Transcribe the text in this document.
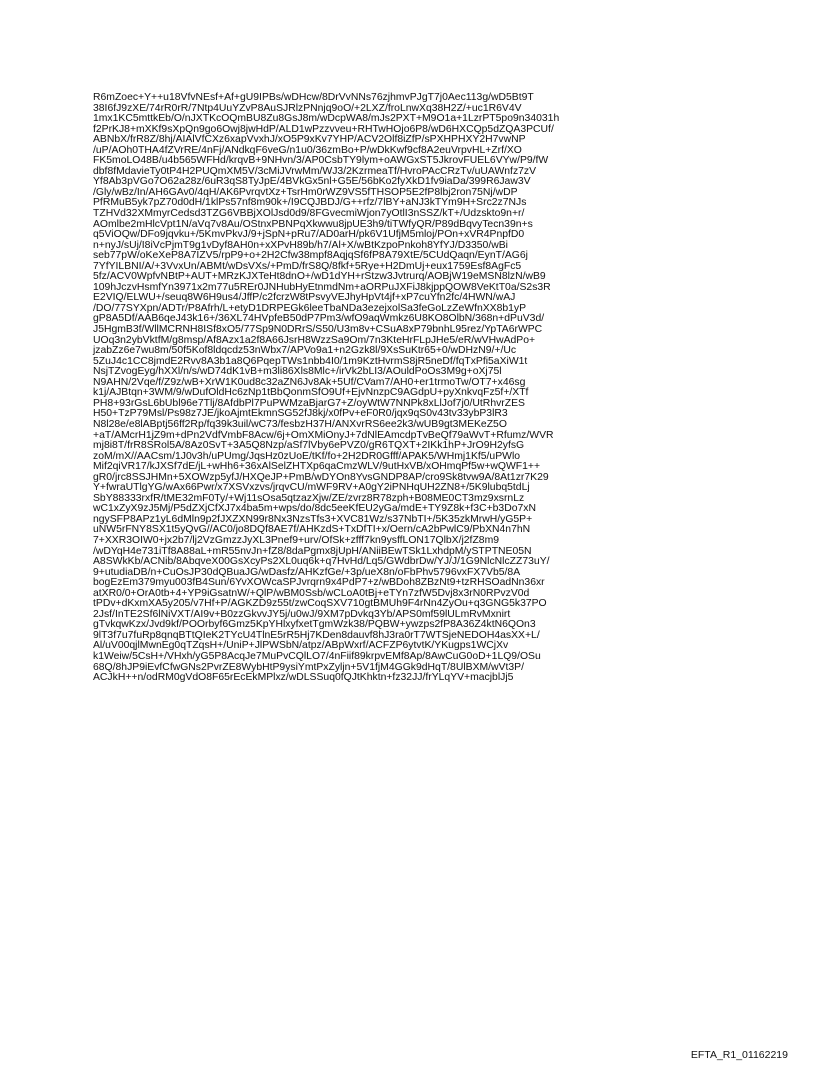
R6mZoec+Y++u18VfvNEsf+Af+gU9IPBs/wDHcw/8DrVvNNs76zjhmvPJgT7j0Aec113g/wD5Bt9T
38I6fJ9zXE/74rR0rR/7Ntp4UuYZvP8AuSJRlzPNnjq9oO/+2LXZ/froLnwXq38H2Z/+uc1R6V4V
1mx1KC5mttkEb/O/nJXTKcOQmBU8Zu8GsJ8m/wDcpWA8/mJs2PXT+M9O1a+1LzrPT5po9n34031h
f2PrKJ8+mXKf9sXpQn9go6Owj8jwHdP/ALD1wPzzvveu+RHTwHOjo6P8/wD6HXCQp5dZQA3PCUf/
ABNbX/frR8Z/8hj/AIAlVfCXz6xapVvxhJ/xO5P9xKv7YHP/ACV2Olf8iZfP/sPXHPHXY2H7vwNP
/uP/AOh0THA4fZVrRE/4nFj/ANdkqF6veG/n1u0/36zmBo+P/wDkKwf9cf8A2euVrpvHL+Zrf/XO
FK5moLO48B/u4b565WFHd/krqvB+9NHvn/3/AP0CsbTY9lym+oAWGxST5JkrovFUEL6VYw/P9/fW
dbf8fMdavieTy0tP4H2PUQmXM5V/3cMiJVrwMm/WJ3/2KzrmeaTf/HvroPAcCRzTv/uUAWnfz7zV
Yf8Ab3pVGo7O62a28z/6uR3qS8TyJpE/4BVkGx5nl+G5E/56bKo2fyXkD1fv9iaDa/399R6Jaw3V
/Gly/wBz/In/AH6GAv0/4qH/AK6PvrqvtXz+TsrHm0rWZ9VS5fTHSOP5E2fP8lbj2ron75Nj/wDP
PfRMuB5yk7pZ70d0dH/1klPs57nf8m90k+/I9CQJBDJ/G++rfz/7lBY+aNJ3kTYm9H+Src2z7NJs
TZHVd32XMmyrCedsd3TZG6VBBjXOlJsd0d9/8FGvecmiWjon7yOtlI3nSSZ/kT+/Udzskto9n+r/
AOmlbe2mHlcVpt1N/aVq7v8Au/OStnxPBNPqXkwwu8jpUE3h9/tiTWfyQR/P89dBqvyTecn39n+s
q5ViOQw/DFo9jqvku+/5KmvPkvJ/9+jSpN+pRu7/AD0arH/pk6V1UfjM5mloj/POn+xVR4PnpfD0
n+nyJ/sUj/I8iVcPjmT9g1vDyf8AH0n+xXPvH89b/h7/Al+X/wBtKzpoPnkoh8YfYJ/D3350/wBi
seb77pW/oKeXeP8A7IZV5/rpP9+o+2H2Cfw38mpf8AqjqSf6fP8A79XtE/5CUdQaqn/EynT/AG6j
7YfYILBNI/A/+3VvxUn/ABMt/wDsVXs/+PmD/frS8Q/8fkf+5Rye+H2DmUj+eux1759Esf8AgFc5
5fz/ACV0WpfvNBtP+AUT+MRzKJXTeHt8dnO+/wD1dYH+rStzw3Jvtrurq/AOBjW19eMSN8lzN/wB9
109hJczvHsmfYn3971x2m77u5REr0JNHubHyEtnmdNm+aORPuJXFiJ8kjppQOW8VeKtT0a/S2s3R
E2VIQ/ELWU+/seuq8W6H9us4/JffP/c2fcrzW8tPsvyVEJhyHpVt4jf+xP7cuYfn2fc/4HWN/wAJ
/DO/77SYXpn/ADTr/P8Afrh/L+etyD1DRPEGk6leeTbaNDa3ezejxolSa3feGoLzZeWfnXX8b1yP
gP8A5Df/AAB6qeJ43k16+/36XL74HVpfeB50dP7Pm3/wfO9aqWmkz6U8KO8OlbN/368n+dPuV3d/
J5HgmB3f/WllMCRNH8ISf8xO5/77Sp9N0DRrS/S50/U3m8v+CSuA8xP79bnhL95rez/YpTA6rWPC
UOq3n2ybVktfM/g8msp/Af8Azx1a2f8A66JsrH8WzzSa9Om/7n3KteHrFLpJHe5/eR/wVHwAdPo+
jzabZz6e7wu8m/50f5Kof8ldqcdz53nWbx7/APVo9a1+n2Gzk8l/9XsSuKtr65+0/wDHzN9/+/Uc
5ZuJ4c1CC8jmdE2Rvv8A3b1a8Q6PqepTWs1nbb4I0/1m9KztHvrmS8jR5neDf/fqTxPfi5aXiW1t
NsjTZvogEyg/hXXl/n/s/wD74dK1vB+m3li86Xls8Mlc+/irVk2bLI3/AOuldPoOs3M9g+oXj75l
N9AHN/2Vqe/f/Z9z/wB+XrW1K0ud8c32aZN6Jv8Ak+5Uf/CVam7/AH0+er1trmoTw/OT7+x46sg
k1j/AJBtqn+3WM/9/wDufOldHc6zNp1tBbQonmSfO9Uf+EjvNnzpC9AGdpU+pyXnkvqFz5f+/XTf
PH8+93rGsL6bUbl96e7Tlj/8AfdbPl7PuPWMzaBjarG7+Z/oyWtW7NNPk8xLlJof7j0/UtRhvrZES
H50+TzP79Msl/Ps98z7JE/jkoAjmtEkmnSG52fJ8kj/x0fPv+eF0R0/jqx9qS0v43tv33ybP3lR3
N8l28e/e8lABptj56ff2Rp/fq39k3uil/wC73/fesbzH37H/ANXvrRS6ee2k3/wUB9gt3MEKeZ5O
+aT/AMcrH1jZ9m+dPn2VdfVmbF8Acw/6j+OmXMiOnyJ+7dNlEAmcdpTvBeQf79aWvT+Rfumz/WVR
mj8i8T/frR8SRol5A/8Az0SvT+3A5Q8Nzp/aSf7lVby6ePVZ0/gR6TQXT+2IKk1hP+JrO9H2yfsG
zoM/mX//AACsm/1J0v3h/uPUmg/JqsHz0zUoE/tKf/fo+2H2DR0Gfff/APAK5/WHmj1Kf5/uPWlo
Mif2qiVR17/kJXSf7dE/jL+wHh6+36xAlSelZHTXp6qaCmzWLV/9utHxVB/xOHmqPf5w+wQWF1++
gR0/jrc8SSJHMn+5XOWzp5yfJ/HXQeJP+PmB/wDYOn8YvsGNDP8AP/cro9Sk8tvw9A/8At1zr7K29
Y+fwraUTlgYG/wAx66Pwr/x7XSVxzvs/jrqvCU/mWF9RV+A0gY2iPNHqUH2ZN8+/5K9lubq5tdLj
SbY88333rxfR/tME32mF0Ty/+Wj11sOsa5qtzazXjw/ZE/zvrz8R78zph+B08ME0CT3mz9xsrnLz
wC1xZyX9zJ5Mj/P5dZXjCfXJ7x4ba5m+wps/do/8dc5eeKfEU2yGa/mdE+TY9Z8k+f3C+b3Do7xN
ngySFP8APz1yL6dMln9p2fJXZXN99r8Nx3NzsTfs3+XVC81Wz/s37NbTI+/5K35zkMrwH/yG5P+
uNW5rFNY8SX1t5yQvG//AC0/jo8DQf8AE7f/AHKzdS+TxDfTI+x/Oern/cA2bPwlC9/PbXN4n7hN
7+XXR3OIW0+jx2b7/lj2VzGmzzJyXL3Pnef9+urv/OfSk+zfff7kn9ysffLON17QlbX/j2fZ8m9
/wDYqH4e731iTf8A88aL+mR55nvJn+fZ8/8daPgmx8jUpH/ANiiBEwTSk1LxhdpM/ySTPTNE05N
A8SWkKb/ACNib/8AbqveX00GsXcyPs2XL0uq6k+q7HvHd/Lq5/GWdbrDw/YJ/J/1G9NlcNlcZZ73uY/
9+utudiaDB/n+CuOsJP30dQBuaJG/wDasfz/AHKzfGe/+3p/ueX8n/oFbPhv5796vxFX7Vb5/8A
bogEzEm379myu003fB4Sun/6YvXOWcaSPJvrqrn9x4PdP7+z/wBDoh8ZBzNt9+tzRHSOadNn36xr
atXR0/0+OrA0tb+4+YP9iGsatnW/+QlP/wBM0Ssb/wCLoA0tBj+eTYn7zfW5Dvj8x3rN0RPvzV0d
tPDv+dKxmXA5y205/v7Hf+P/AGKZD9z55t/zwCoqSXV710gtBMUh9F4rNn4ZyOu+q3GNG5k37PO
2Jsf/InTE2Sf6lNiVXT/AI9v+B0zzGkvvJY5j/u0wJ/9XM7pDvkq3Yb/APS0mf59lULmRvMxnirt
gTvkqwKzx/Jvd9kf/POOrbyf6Gmz5KpYHlxyfxetTgmWzk38/PQBW+ywzps2fP8A36Z4ktN6QOn3
9lT3f7u7fuRp8qnqBTtQIeK2TYcU4TlnE5rR5Hj7KDen8dauvf8hJ3ra0rT7WTSjeNEDOH4asXX+L/
Al/uV00qjlMwnEg0qTZqsH+/UniP+JlPWSbN/atpz/ABpWxrf/ACFZP6ytvtK/YKugps1WCjXv
k1Weiw/5CsH+/VHxh/yG5P8AcqJe7MuPvCQlLO7/4nFiif89krpvEMf8Ap/8AwCuG0oD+1LQ9/OSu
68Q/8hJP9iEvfCfwGNs2PvrZE8WybHtP9ysiYmtPxZyljn+5V1fjM4GGk9dHqT/8UlBXM/wVt3P/
ACJkH++n/odRM0gVdO8F65rEcEkMPlxz/wDLSSuq0fQJtKhktn+fz32JJ/frYLqYV+macjblJj5
EFTA_R1_01162219
